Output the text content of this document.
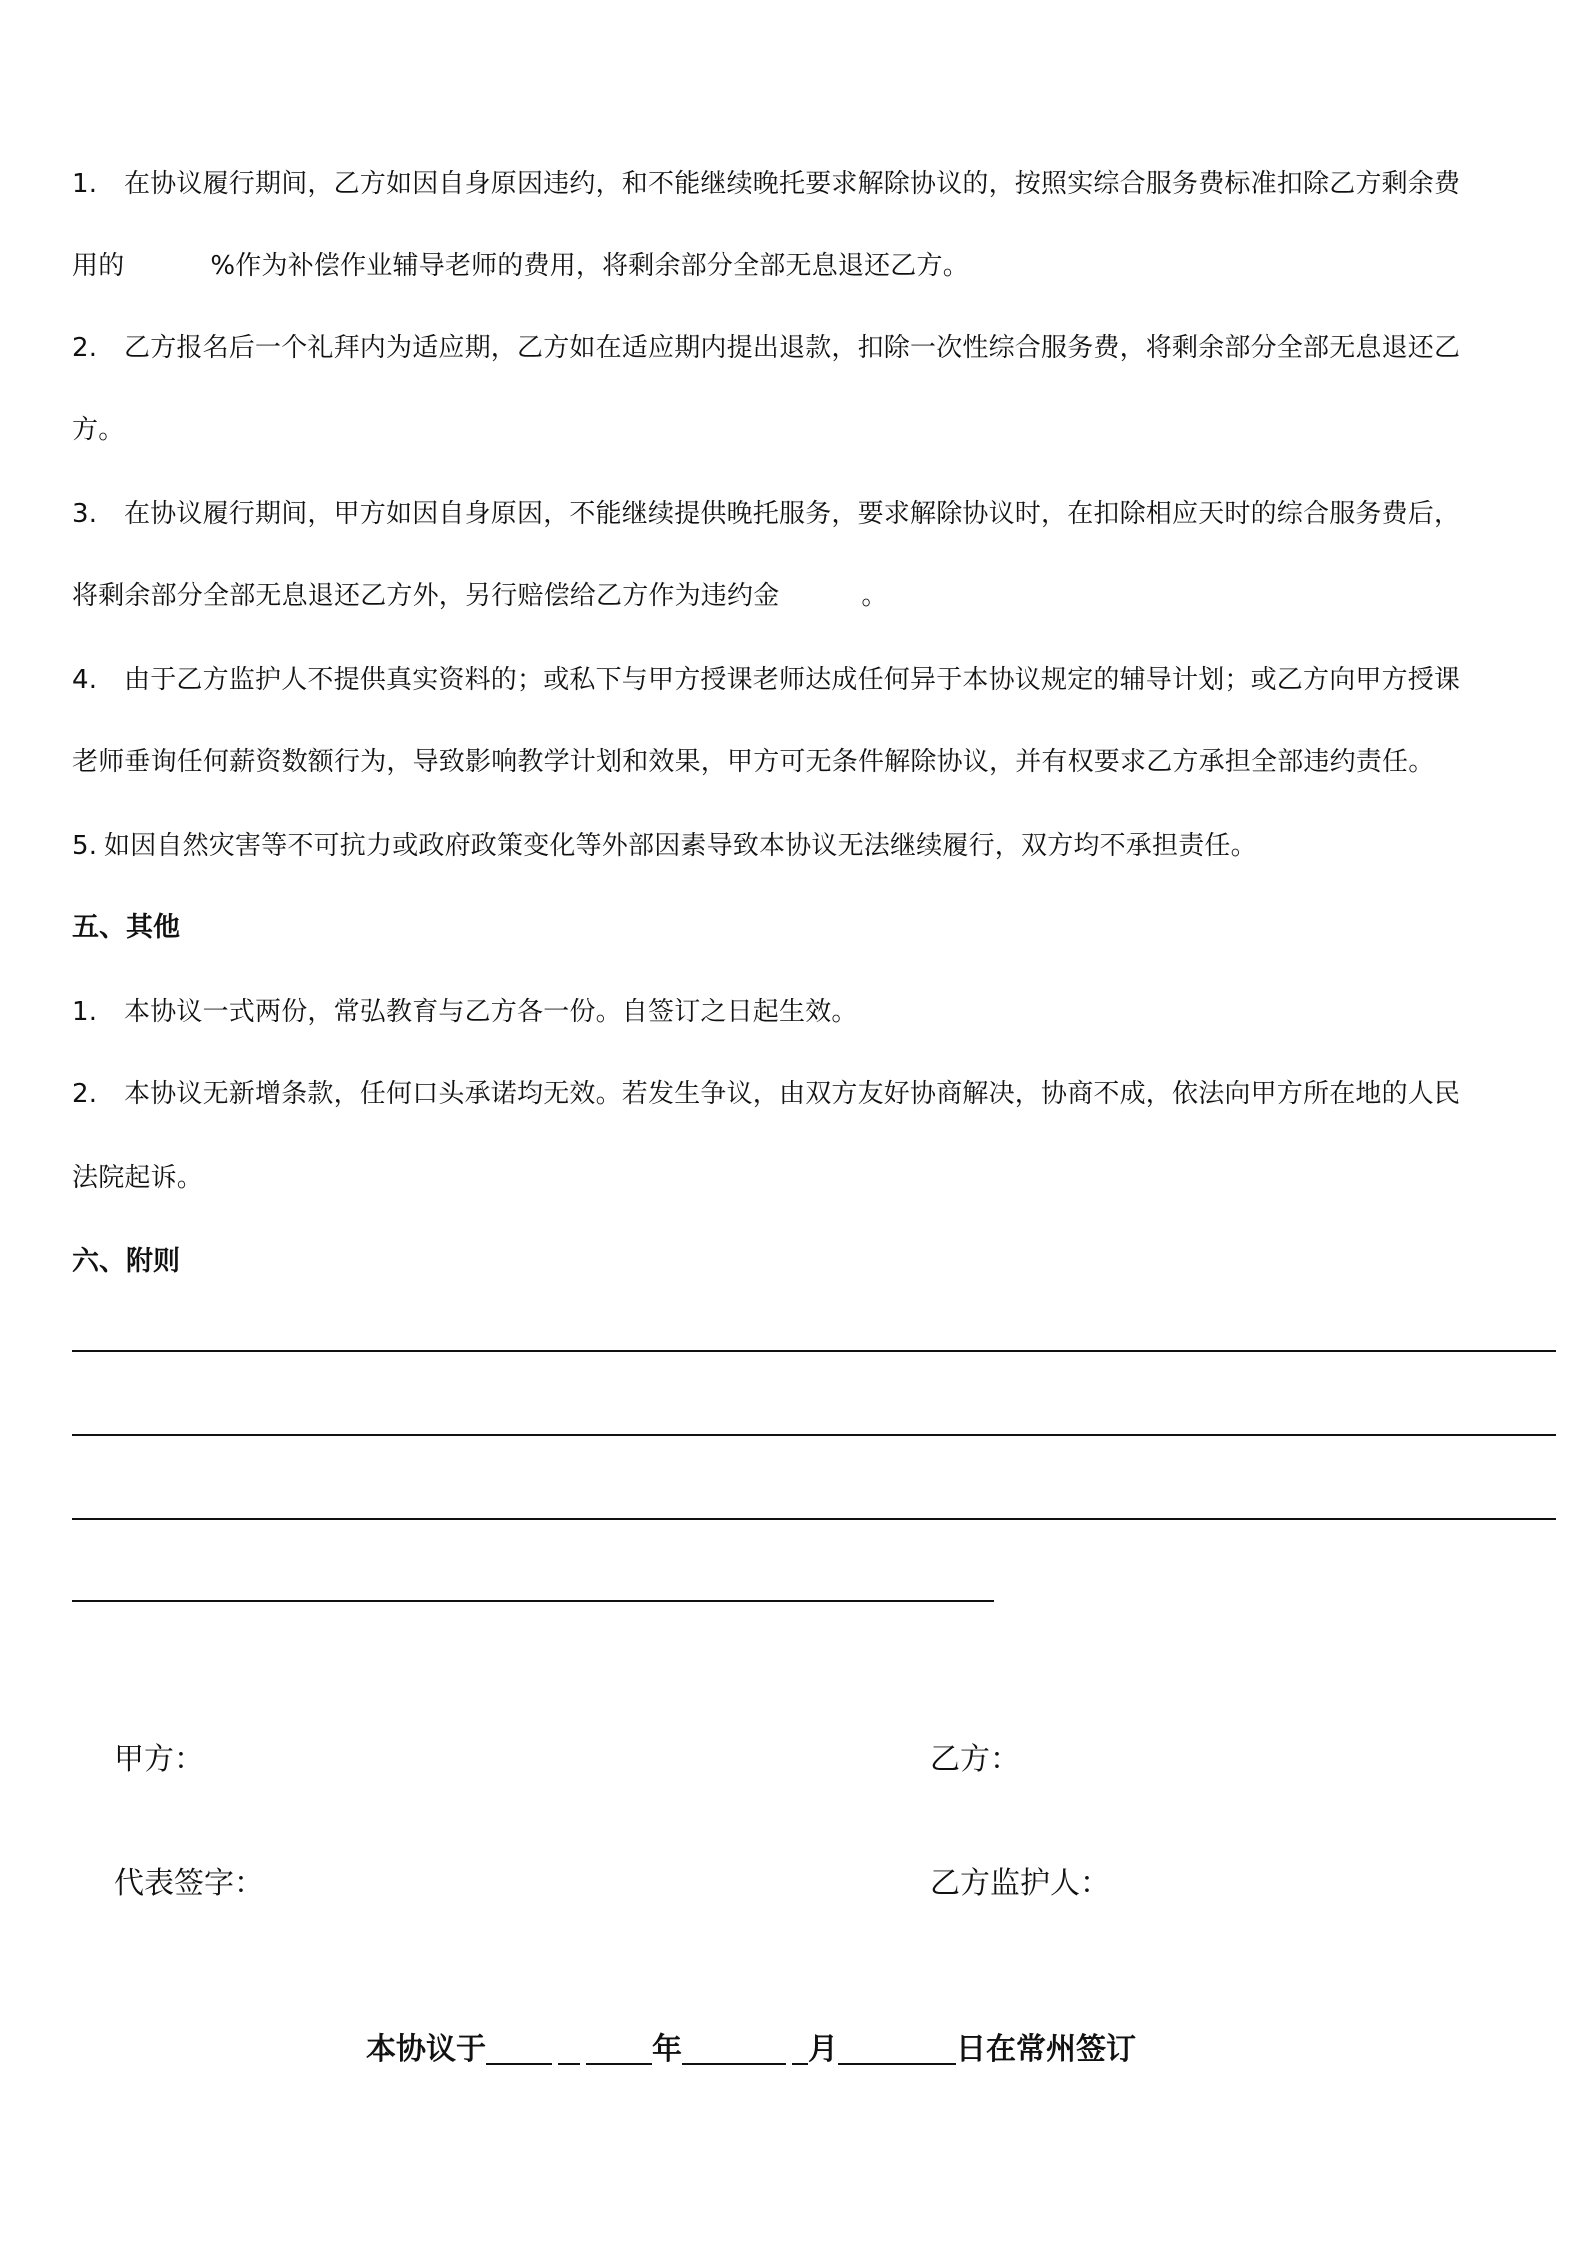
1. 在协议履行期间，乙方如因自身原因违约，和不能继续晚托要求解除协议的，按照实综合服务费标准扣除乙方剩余费
用的	%作为补偿作业辅导老师的费用，将剩余部分全部无息退还乙方。
2. 乙方报名后一个礼拜内为适应期，乙方如在适应期内提出退款，扣除一次性综合服务费，将剩余部分全部无息退还乙
方。
3. 在协议履行期间，甲方如因自身原因，不能继续提供晚托服务，要求解除协议时，在扣除相应天时的综合服务费后，
将剩余部分全部无息退还乙方外，另行赔偿给乙方作为违约金	。
4. 由于乙方监护人不提供真实资料的；或私下与甲方授课老师达成任何异于本协议规定的辅导计划；或乙方向甲方授课
老师垂询任何薪资数额行为，导致影响教学计划和效果，甲方可无条件解除协议，并有权要求乙方承担全部违约责任。
5. 如因自然灾害等不可抗力或政府政策变化等外部因素导致本协议无法继续履行，双方均不承担责任。
五、其他
1. 本协议一式两份，常弘教育与乙方各一份。自签订之日起生效。
2. 本协议无新增条款，任何口头承诺均无效。若发生争议，由双方友好协商解决，协商不成，依法向甲方所在地的人民
法院起诉。
六、附则
甲方：	乙方：
代表签字：	乙方监护人：
本协议于	年	月	日在常州签订
